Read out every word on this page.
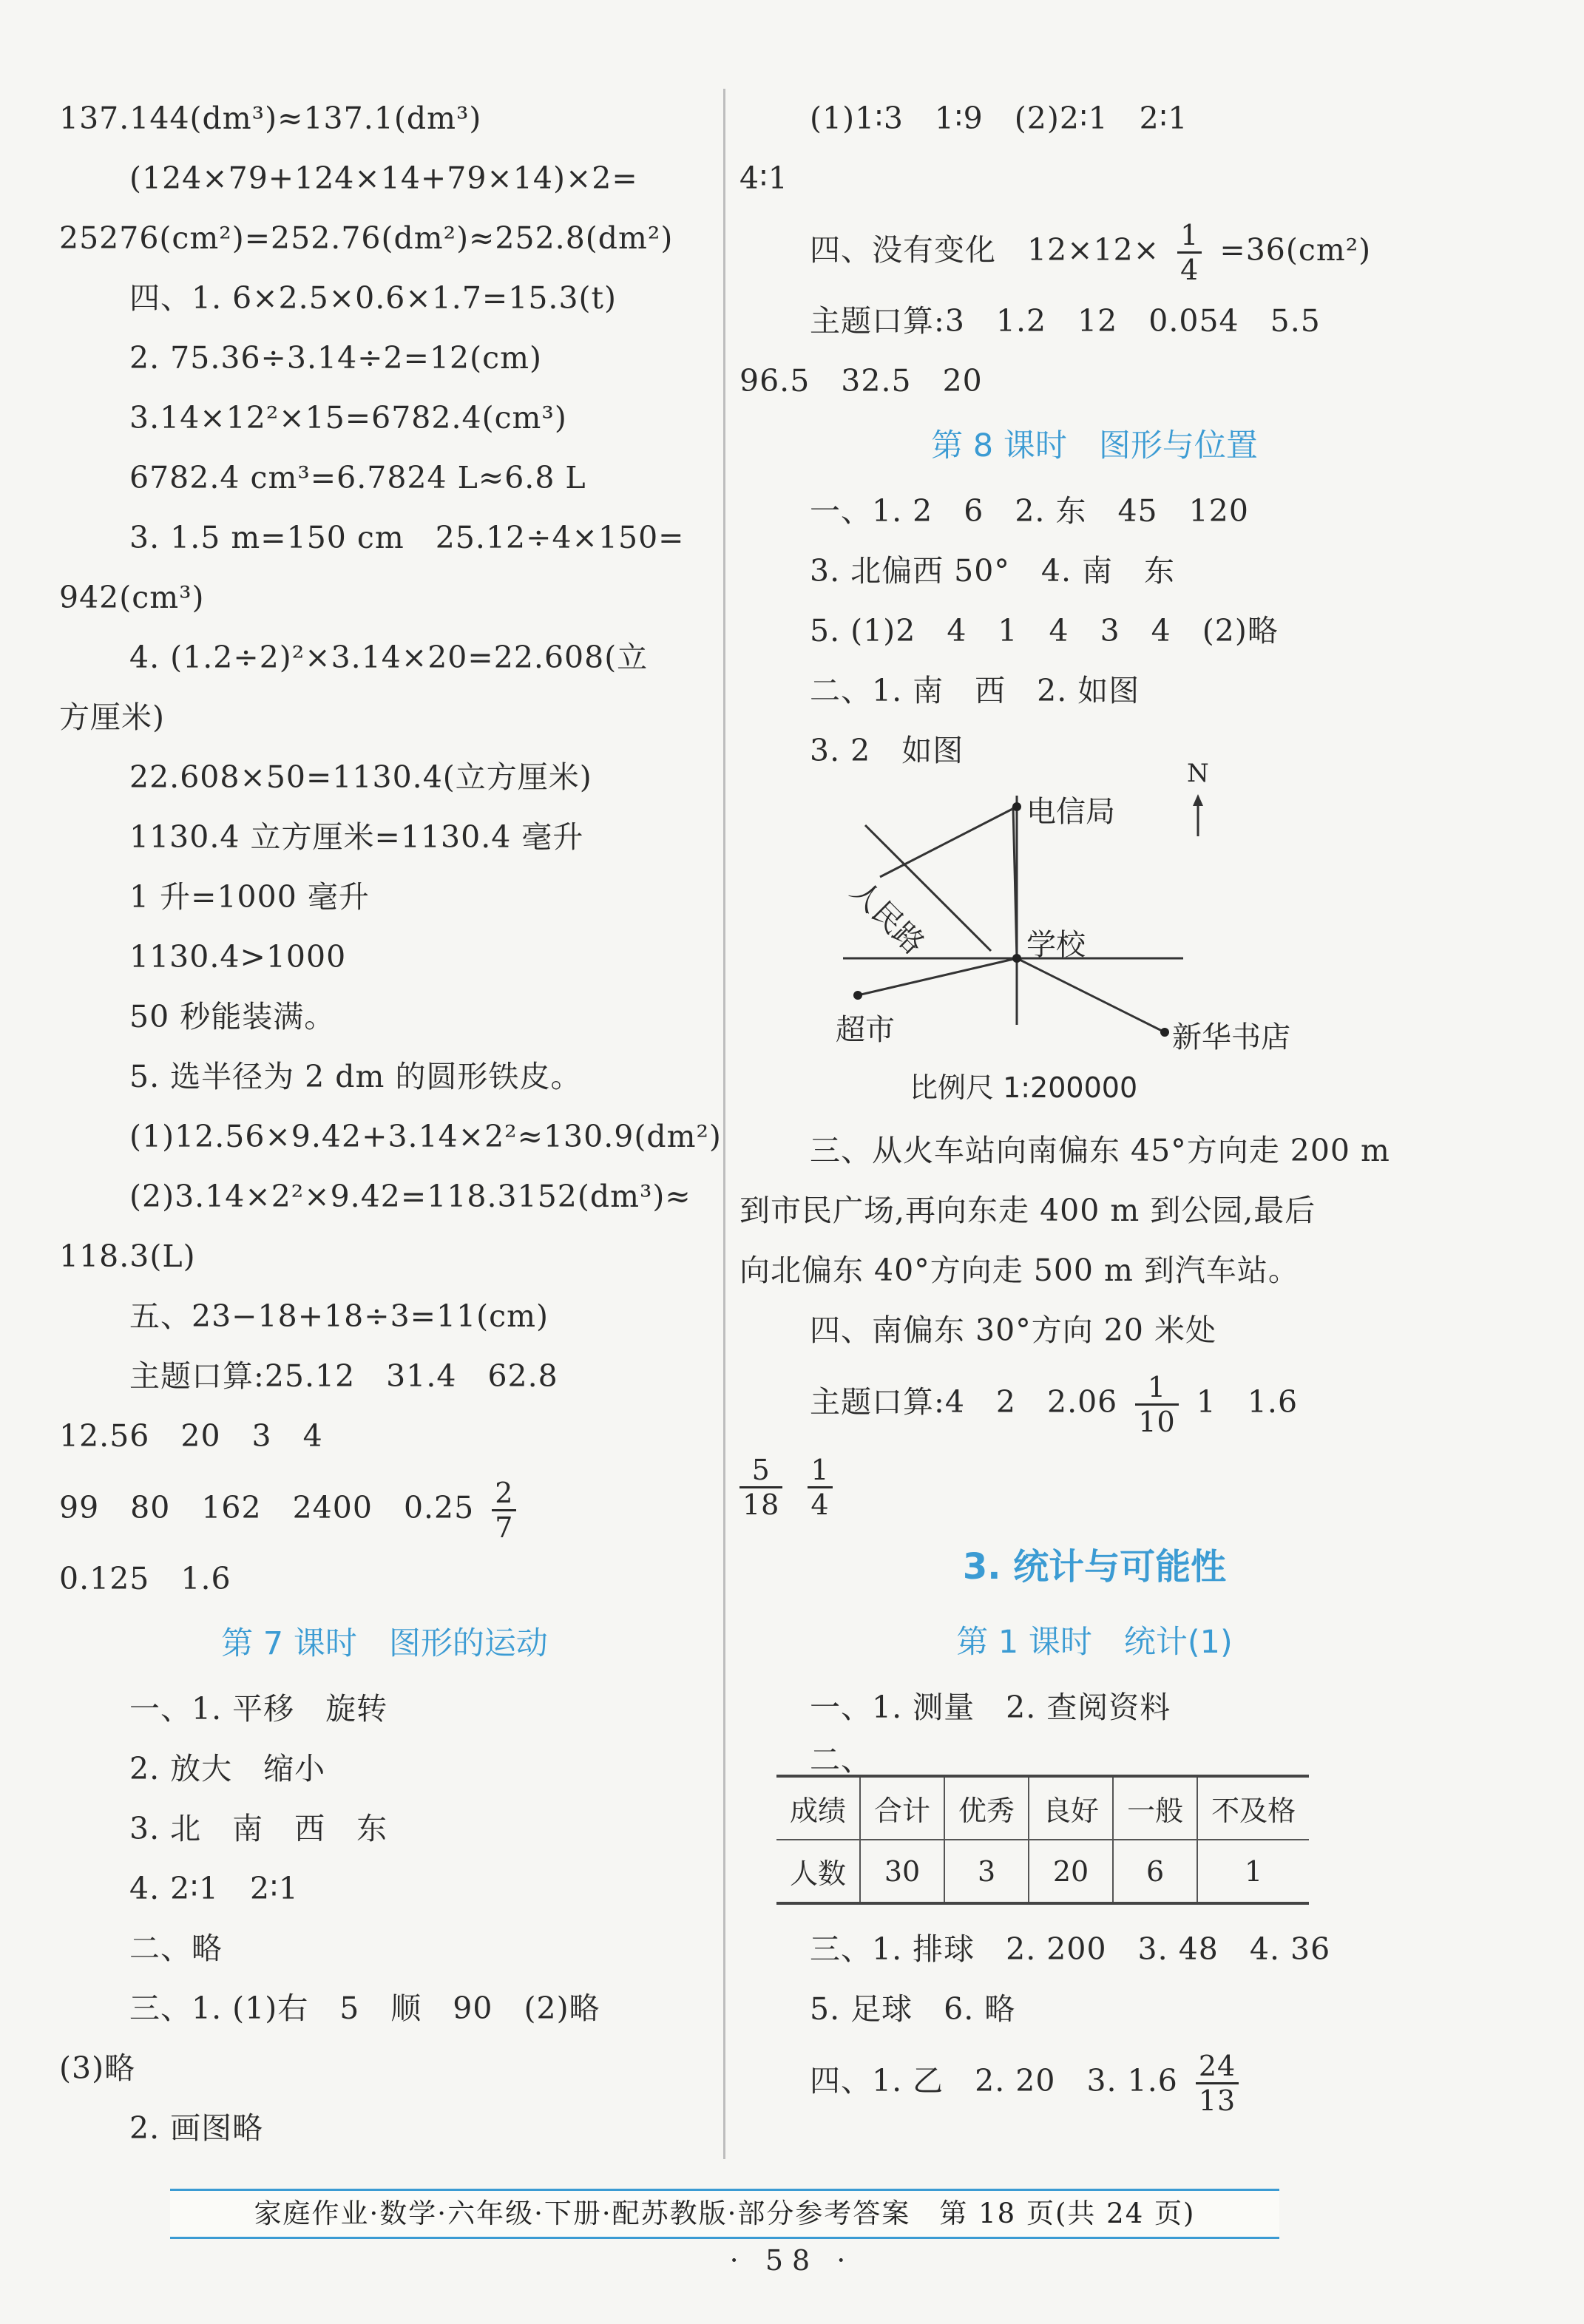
137.144(dm³)≈137.1(dm³)
(124×79+124×14+79×14)×2=
25276(cm²)=252.76(dm²)≈252.8(dm²)
四、1. 6×2.5×0.6×1.7=15.3(t)
2. 75.36÷3.14÷2=12(cm)
3.14×12²×15=6782.4(cm³)
6782.4 cm³=6.7824 L≈6.8 L
3. 1.5 m=150 cm　25.12÷4×150=
942(cm³)
4. (1.2÷2)²×3.14×20=22.608(立
方厘米)
22.608×50=1130.4(立方厘米)
1130.4 立方厘米=1130.4 毫升
1 升=1000 毫升
1130.4>1000
50 秒能装满。
5. 选半径为 2 dm 的圆形铁皮。
(1)12.56×9.42+3.14×2²≈130.9(dm²)
(2)3.14×2²×9.42=118.3152(dm³)≈
118.3(L)
五、23−18+18÷3=11(cm)
主题口算:25.12　31.4　62.8
12.56　20　3　4
99　80　162　2400　$0.25 \frac{2}{7}$
0.125　1.6
第 7 课时　图形的运动
一、1. 平移　旋转
2. 放大　缩小
3. 北　南　西　东
4. 2∶1　2∶1
二、略
三、1. (1)右　5　顺　90　(2)略
(3)略
2. 画图略
(1)1∶3　1∶9　(2)2∶1　2∶1
4∶1
四、没有变化　$12\times 12\times \frac{1}{4} =36(cm^2)$
主题口算:3　1.2　12　0.054　5.5
96.5　32.5　20
第 8 课时　图形与位置
一、1. 2　6　2. 东　45　120
3. 北偏西 50°　4. 南　东
5. (1)2　4　1　4　3　4　(2)略
二、1. 南　西　2. 如图
3. 2　如图
N
电信局
人民路	学校
超市	新华书店
比例尺 1:200000
三、从火车站向南偏东 45°方向走 200 m
到市民广场,再向东走 400 m 到公园,最后
向北偏东 40°方向走 500 m 到汽车站。
四、南偏东 30°方向 20 米处
主题口算:4　2　$2.06 \frac{1}{10} 1$　1.6
$\frac{5}{18}$
$\frac{1}{4}$
3. 统计与可能性
第 1 课时　统计(1)
一、1. 测量　2. 查阅资料
二、
成绩	合计	优秀	良好	一般	不及格
人数	30	3	20	6	1
三、1. 排球　2. 200　3. 48　4. 36
5. 足球　6. 略
四、1. 乙　2. 20　3. $1.6 \frac{24}{13}$
家庭作业·数学·六年级·下册·配苏教版·部分参考答案　第 18 页(共 24 页)
· 58 ·
